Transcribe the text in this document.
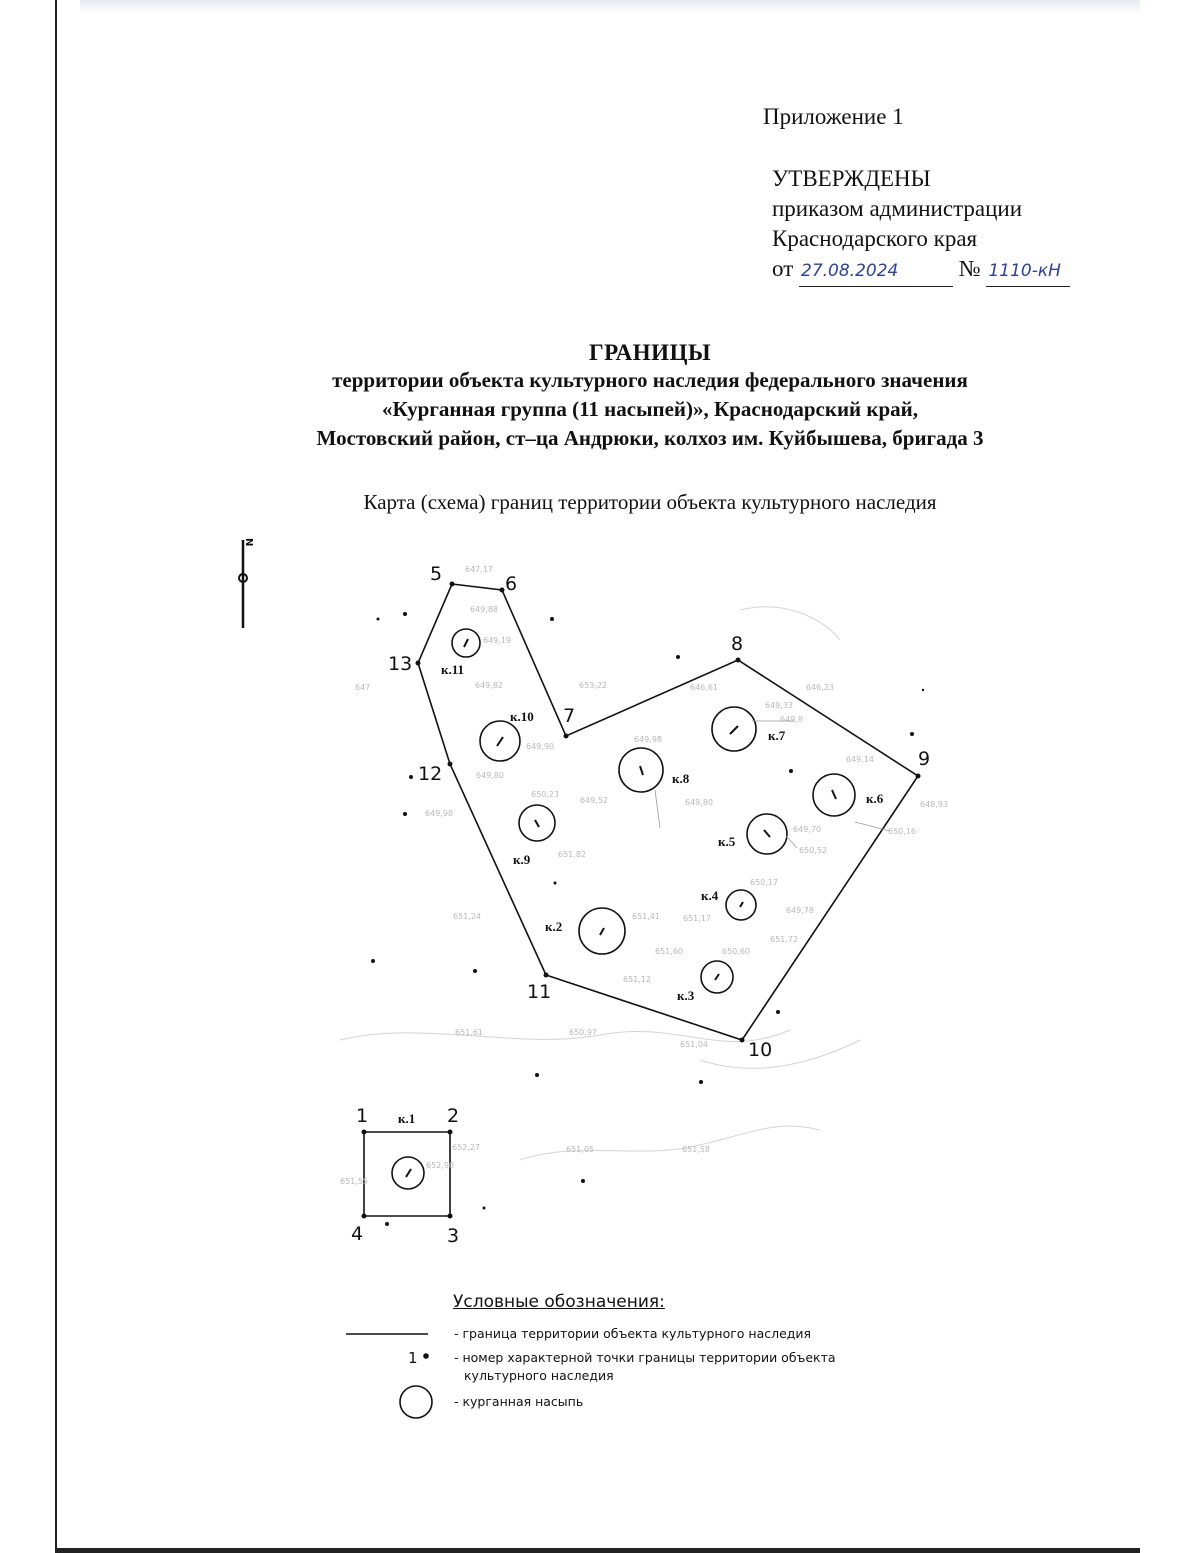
Приложение 1
УТВЕРЖДЕНЫ
приказом администрации
Краснодарского края
от 27.08.2024	№ 1110-кН
ГРАНИЦЫ
территории объекта культурного наследия федерального значения
«Курганная группа (11 насыпей)», Краснодарский край,
Мостовский район, ст–ца Андрюки, колхоз им. Куйбышева, бригада 3
Карта (схема) границ территории объекта культурного наследия
N
5	6
7
8
9
10
11
12
13
1	2
3
4
к.1
к.2
к.3
к.4
к.5
к.6
к.7
к.8
к.9
к.10
к.11
647,17
649,88
649,19
649,82
649,80
653,22	646,61	646,23
649,33
649,8
649,90
649,98
650,23
649,52	649,80
649,14
648,93
650,16
649,70
650,52
651,82
650,17
651,24	651,41	651,17
649,78
651,72
651,60	650,60
651,12
651,61	650,97
651,04
652,27
652,90
651,05	651,58
651,55
647
649,98
1
Условные обозначения:
- граница территории объекта культурного наследия
- номер характерной точки границы территории объекта
культурного наследия
- курганная насыпь
